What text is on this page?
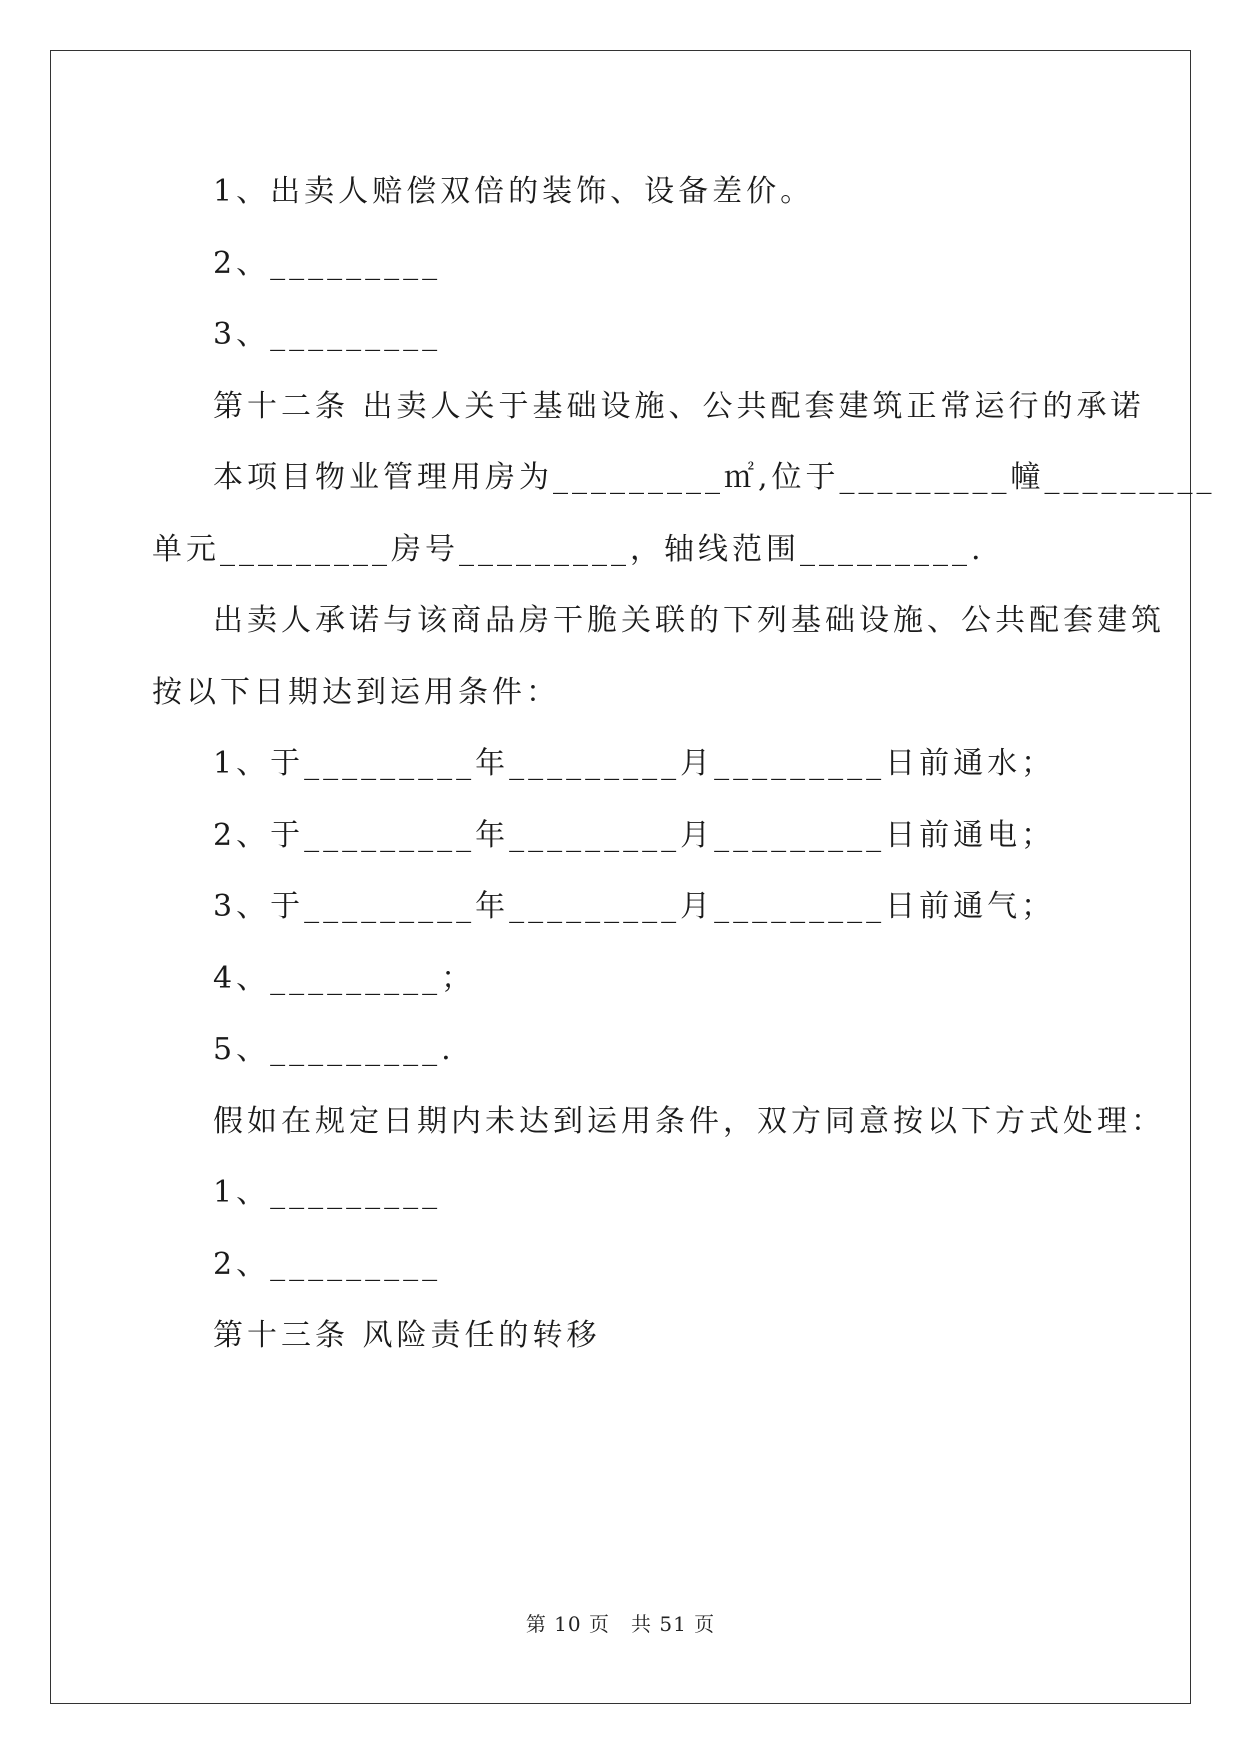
1、出卖人赔偿双倍的装饰、设备差价。
2、_________
3、_________
第十二条 出卖人关于基础设施、公共配套建筑正常运行的承诺
本项目物业管理用房为_________㎡,位于_________幢_________
单元_________房号_________，轴线范围_________.
出卖人承诺与该商品房干脆关联的下列基础设施、公共配套建筑
按以下日期达到运用条件：
1、于_________年_________月_________日前通水；
2、于_________年_________月_________日前通电；
3、于_________年_________月_________日前通气；
4、_________；
5、_________.
假如在规定日期内未达到运用条件，双方同意按以下方式处理：
1、_________
2、_________
第十三条 风险责任的转移
第 10 页　共 51 页
